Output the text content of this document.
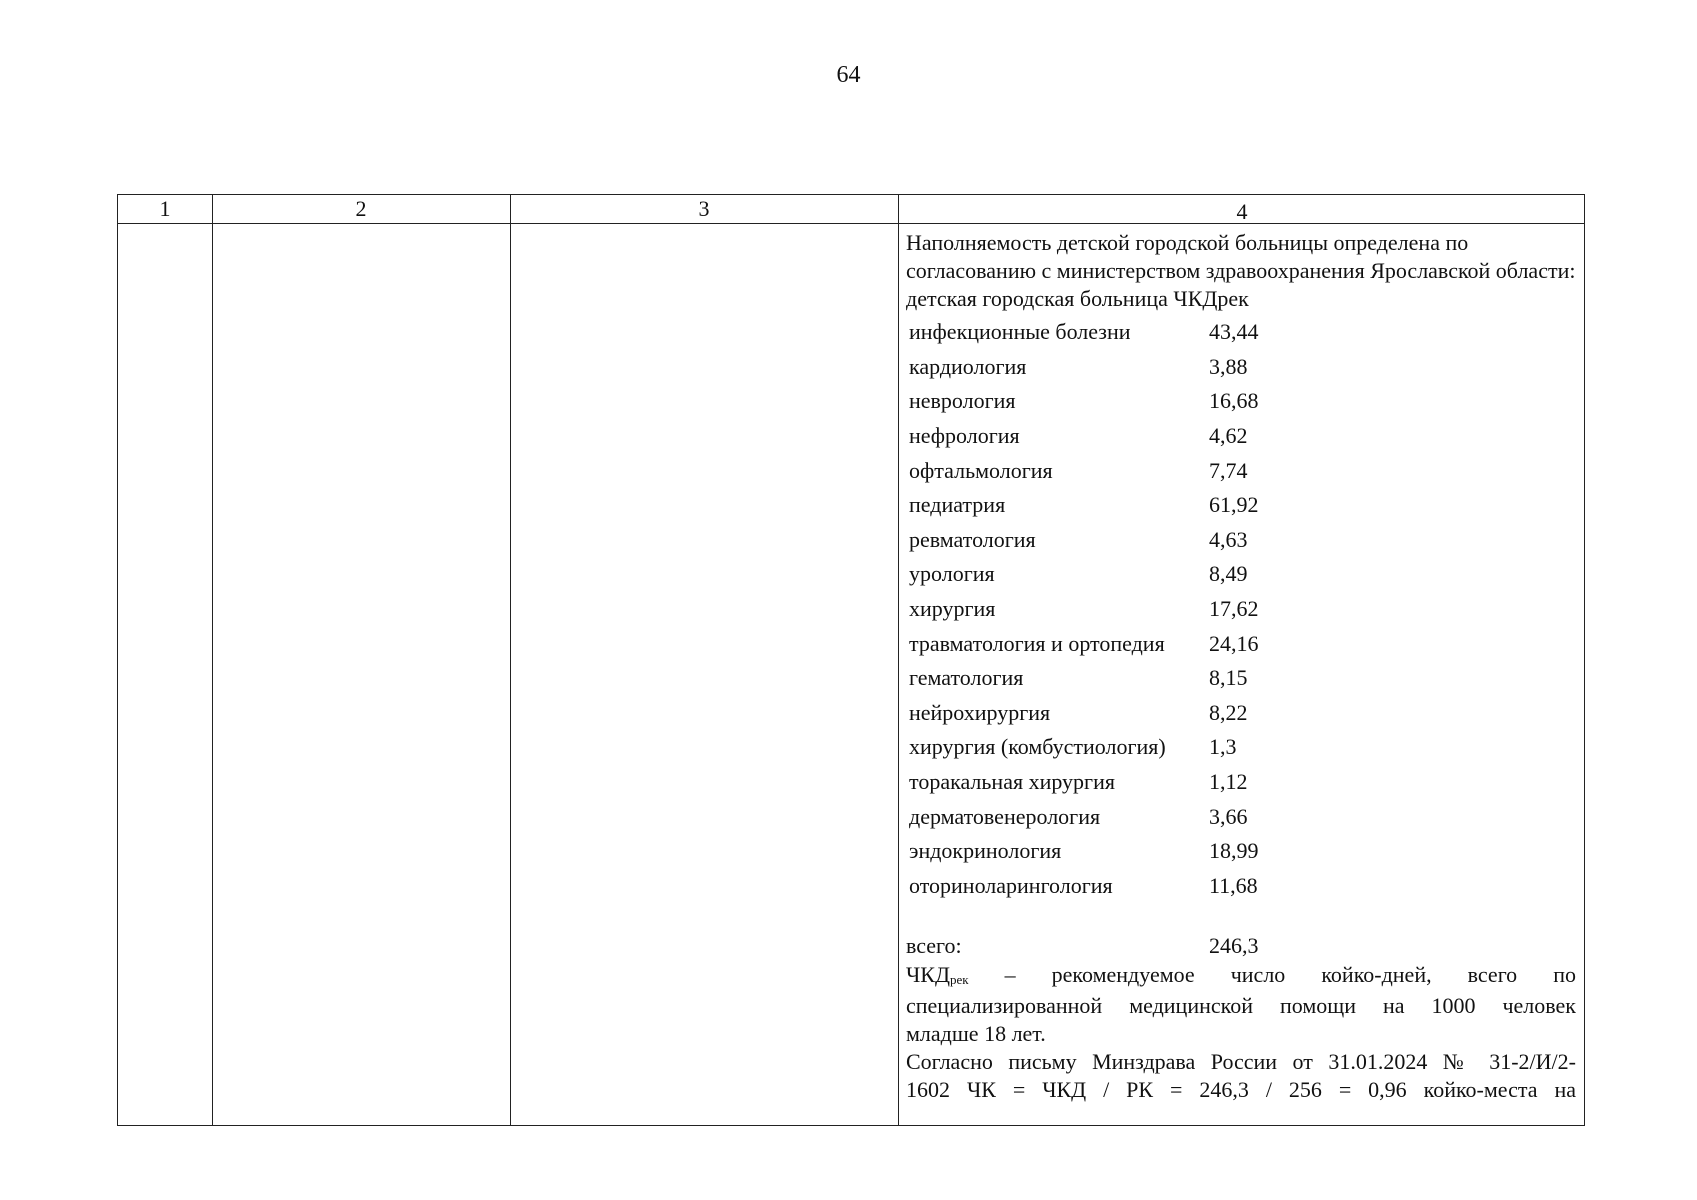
64
1	2	3	4

Наполняемость детской городской больницы определена по согласованию с министерством здравоохранения Ярославской области:

детская городская больница ЧКДрек

инфекционные болезни	43,44
кардиология	3,88
неврология	16,68
нефрология	4,62
офтальмология	7,74
педиатрия	61,92
ревматология	4,63
урология	8,49
хирургия	17,62
травматология и ортопедия	24,16
гематология	8,15
нейрохирургия	8,22
хирургия (комбустиология)	1,3
торакальная хирургия	1,12
дерматовенерология	3,66
эндокринология	18,99
оториноларингология	11,68
всего:	246,3

$ЧКД_{рек}$ – рекомендуемое число койко-дней, всего по

специализированной медицинской помощи на 1000 человек

младше 18 лет.

Согласно письму Минздрава России от 31.01.2024 № 31-2/И/2-

1602 ЧК = ЧКД / РК = 246,3 / 256 = 0,96 койко-места на
